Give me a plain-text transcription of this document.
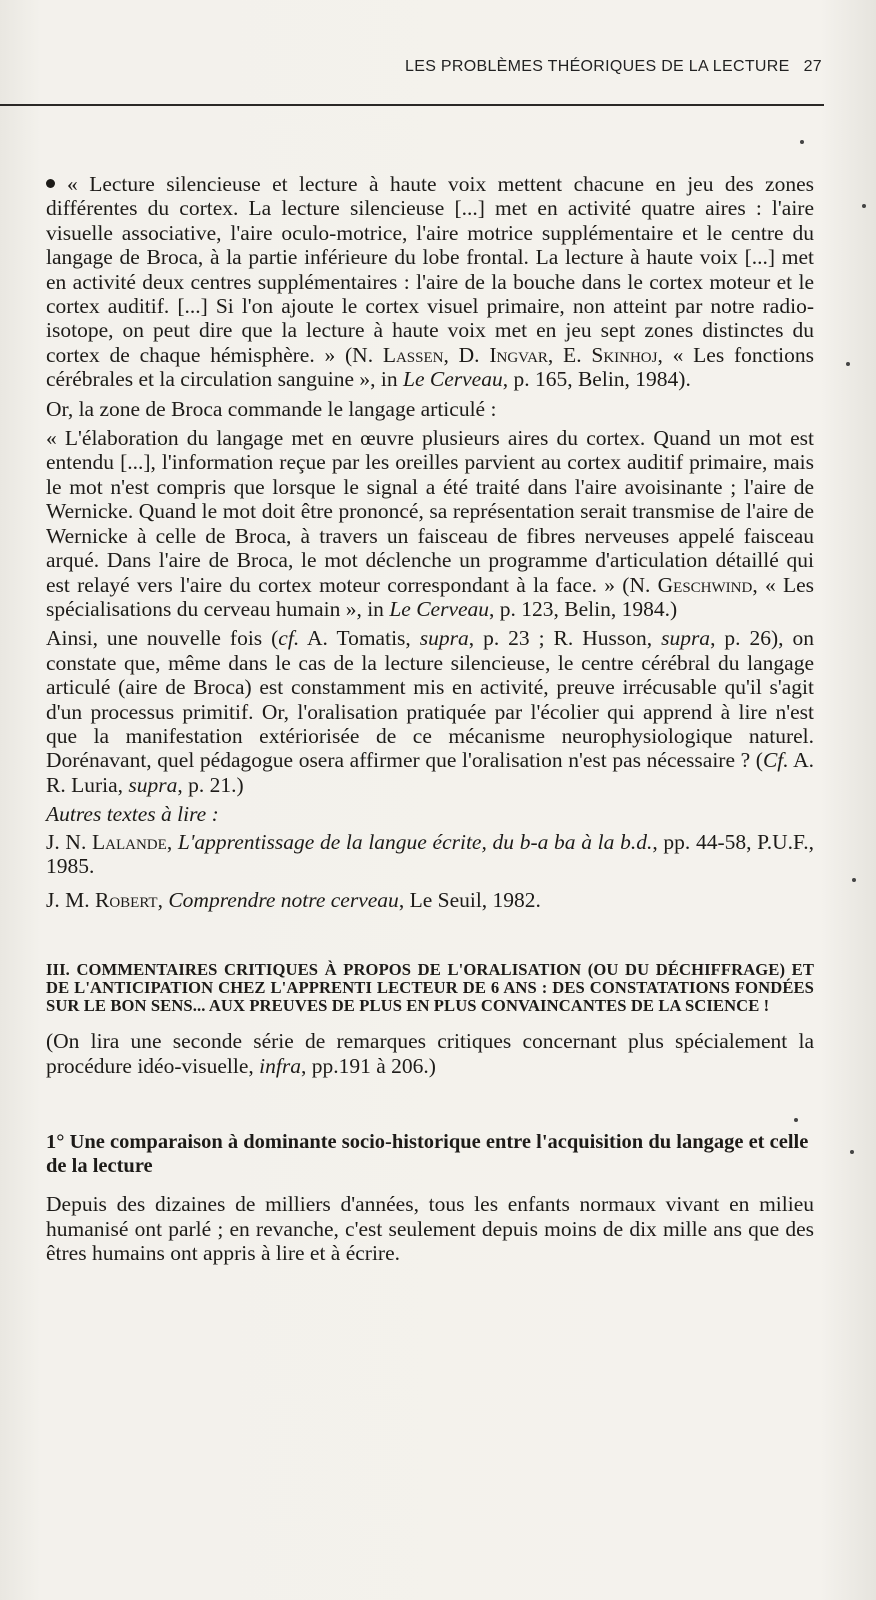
LES PROBLÈMES THÉORIQUES DE LA LECTURE 27

« Lecture silencieuse et lecture à haute voix mettent chacune en jeu des zones différentes du cortex. La lecture silencieuse [...] met en activité quatre aires : l'aire visuelle associative, l'aire oculo-motrice, l'aire motrice supplémentaire et le centre du langage de Broca, à la partie inférieure du lobe frontal. La lecture à haute voix [...] met en activité deux centres supplémentaires : l'aire de la bouche dans le cortex moteur et le cortex auditif. [...] Si l'on ajoute le cortex visuel primaire, non atteint par notre radio-isotope, on peut dire que la lecture à haute voix met en jeu sept zones distinctes du cortex de chaque hémisphère. » (N. Lassen, D. Ingvar, E. Skinhoj, « Les fonctions cérébrales et la circulation sanguine », in Le Cerveau, p. 165, Belin, 1984).

Or, la zone de Broca commande le langage articulé :

« L'élaboration du langage met en œuvre plusieurs aires du cortex. Quand un mot est entendu [...], l'information reçue par les oreilles parvient au cortex auditif primaire, mais le mot n'est compris que lorsque le signal a été traité dans l'aire avoisinante ; l'aire de Wernicke. Quand le mot doit être prononcé, sa représentation serait transmise de l'aire de Wernicke à celle de Broca, à travers un faisceau de fibres nerveuses appelé faisceau arqué. Dans l'aire de Broca, le mot déclenche un programme d'articulation détaillé qui est relayé vers l'aire du cortex moteur correspondant à la face. » (N. Geschwind, « Les spécialisations du cerveau humain », in Le Cerveau, p. 123, Belin, 1984.)

Ainsi, une nouvelle fois (cf. A. Tomatis, supra, p. 23 ; R. Husson, supra, p. 26), on constate que, même dans le cas de la lecture silencieuse, le centre cérébral du langage articulé (aire de Broca) est constamment mis en activité, preuve irrécusable qu'il s'agit d'un processus primitif. Or, l'oralisation pratiquée par l'écolier qui apprend à lire n'est que la manifestation extériorisée de ce mécanisme neurophysiologique naturel. Dorénavant, quel pédagogue osera affirmer que l'oralisation n'est pas nécessaire ? (Cf. A. R. Luria, supra, p. 21.)

Autres textes à lire :

J. N. Lalande, L'apprentissage de la langue écrite, du b-a ba à la b.d., pp. 44-58, P.U.F., 1985.

J. M. Robert, Comprendre notre cerveau, Le Seuil, 1982.

III. COMMENTAIRES CRITIQUES À PROPOS DE L'ORALISATION (OU DU DÉCHIFFRAGE) ET DE L'ANTICIPATION CHEZ L'APPRENTI LECTEUR DE 6 ANS : DES CONSTATATIONS FONDÉES SUR LE BON SENS... AUX PREUVES DE PLUS EN PLUS CONVAINCANTES DE LA SCIENCE !

(On lira une seconde série de remarques critiques concernant plus spécialement la procédure idéo-visuelle, infra, pp.191 à 206.)

1° Une comparaison à dominante socio-historique entre l'acquisition du langage et celle de la lecture

Depuis des dizaines de milliers d'années, tous les enfants normaux vivant en milieu humanisé ont parlé ; en revanche, c'est seulement depuis moins de dix mille ans que des êtres humains ont appris à lire et à écrire.
